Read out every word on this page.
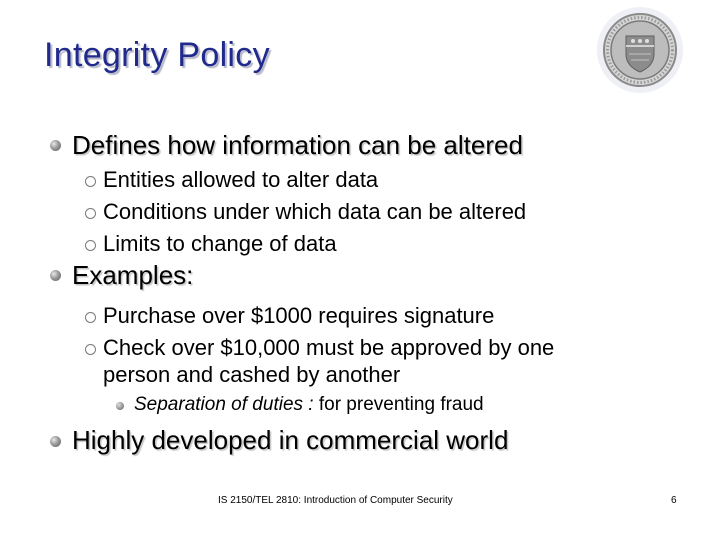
Integrity Policy
Defines how information can be altered
Entities allowed to alter data
Conditions under which data can be altered
Limits to change of data
Examples:
Purchase over $1000 requires signature
Check over $10,000 must be approved by one
person and cashed by another
Separation of duties : for preventing fraud
Highly developed in commercial world
IS 2150/TEL 2810: Introduction of Computer Security	6
